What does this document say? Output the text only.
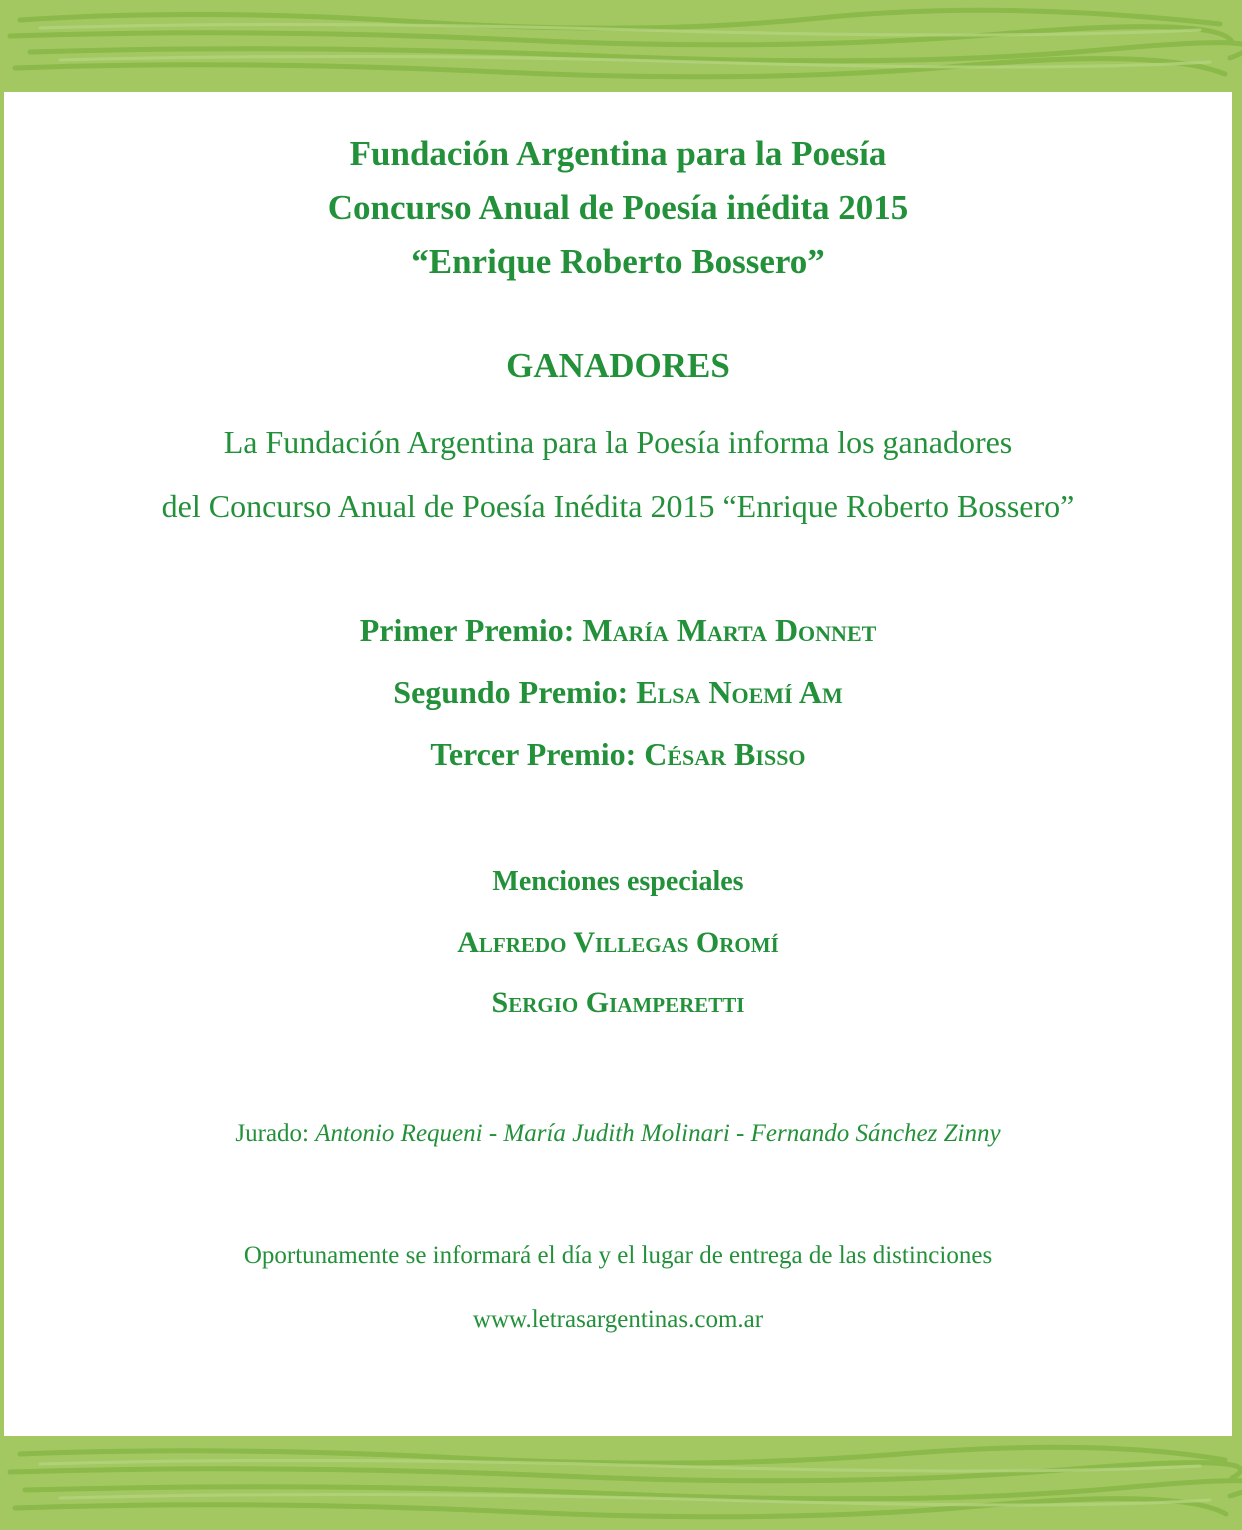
Fundación Argentina para la Poesía
Concurso Anual de Poesía inédita 2015
“Enrique Roberto Bossero”
GANADORES
La Fundación Argentina para la Poesía informa los ganadores
del Concurso Anual de Poesía Inédita 2015 “Enrique Roberto Bossero”
Primer Premio: María Marta Donnet
Segundo Premio: Elsa Noemí Am
Tercer Premio: César Bisso
Menciones especiales
Alfredo Villegas Oromí
Sergio Giamperetti
Jurado: Antonio Requeni - María Judith Molinari - Fernando Sánchez Zinny
Oportunamente se informará el día y el lugar de entrega de las distinciones
www.letrasargentinas.com.ar
